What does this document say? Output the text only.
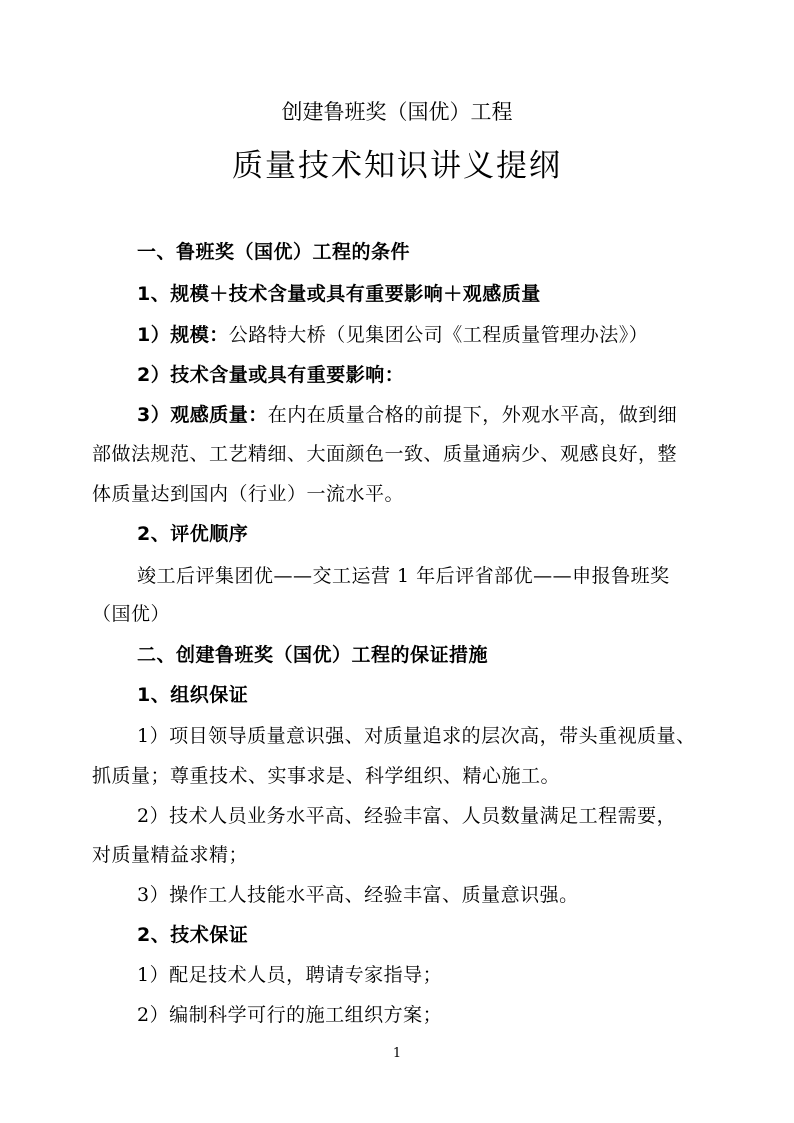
创建鲁班奖（国优）工程
质量技术知识讲义提纲
一、鲁班奖（国优）工程的条件
1、规模＋技术含量或具有重要影响＋观感质量
1）规模：公路特大桥（见集团公司《工程质量管理办法》）
2）技术含量或具有重要影响：
3）观感质量：在内在质量合格的前提下，外观水平高，做到细
部做法规范、工艺精细、大面颜色一致、质量通病少、观感良好，整
体质量达到国内（行业）一流水平。
2、评优顺序
竣工后评集团优——交工运营 1 年后评省部优——申报鲁班奖
（国优）
二、创建鲁班奖（国优）工程的保证措施
1、组织保证
1）项目领导质量意识强、对质量追求的层次高，带头重视质量、
抓质量；尊重技术、实事求是、科学组织、精心施工。
2）技术人员业务水平高、经验丰富、人员数量满足工程需要，
对质量精益求精；
3）操作工人技能水平高、经验丰富、质量意识强。
2、技术保证
1）配足技术人员，聘请专家指导；
2）编制科学可行的施工组织方案；
1
